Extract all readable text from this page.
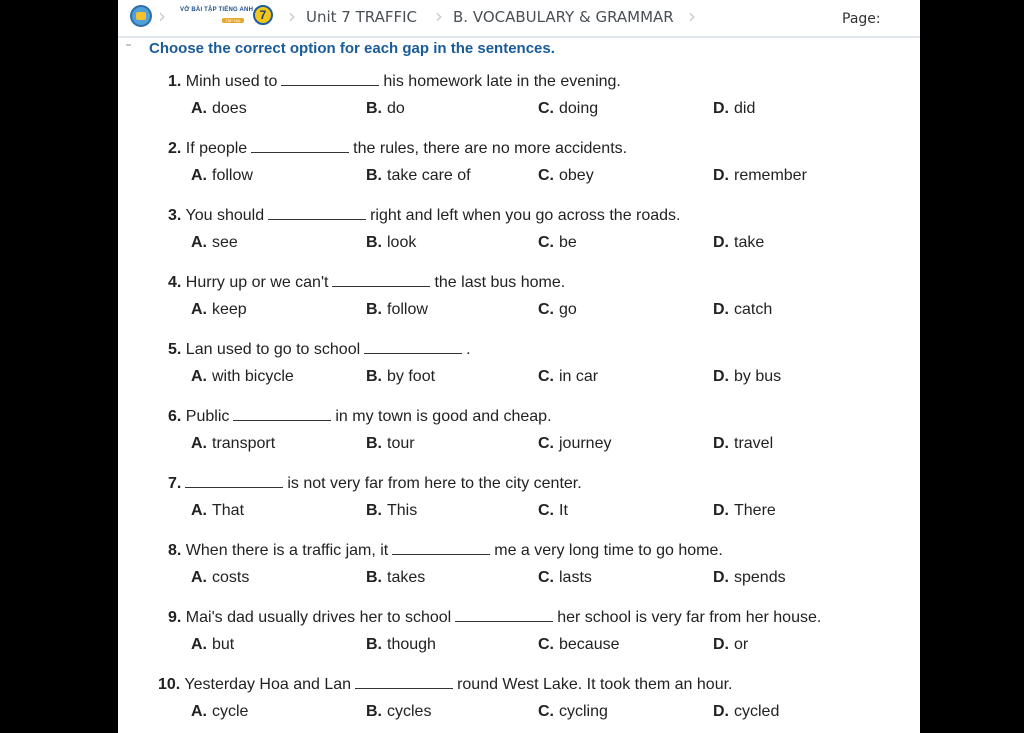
› VỞ BÀI TẬP TIẾNG ANH
TẬP HAI	7	› Unit 7 TRAFFIC › B. VOCABULARY & GRAMMAR ›	Page:
Choose the correct option for each gap in the sentences.
1. Minh used to	his homework late in the evening.
A. does	B. do	C. doing	D. did
2. If people	the rules, there are no more accidents.
A. follow	B. take care of	C. obey	D. remember
3. You should	right and left when you go across the roads.
A. see	B. look	C. be	D. take
4. Hurry up or we can't	the last bus home.
A. keep	B. follow	C. go	D. catch
5. Lan used to go to school	.
A. with bicycle	B. by foot	C. in car	D. by bus
6. Public	in my town is good and cheap.
A. transport	B. tour	C. journey	D. travel
7.	is not very far from here to the city center.
A. That	B. This	C. It	D. There
8. When there is a traffic jam, it	me a very long time to go home.
A. costs	B. takes	C. lasts	D. spends
9. Mai's dad usually drives her to school	her school is very far from her house.
A. but	B. though	C. because	D. or
10. Yesterday Hoa and Lan	round West Lake. It took them an hour.
A. cycle	B. cycles	C. cycling	D. cycled
